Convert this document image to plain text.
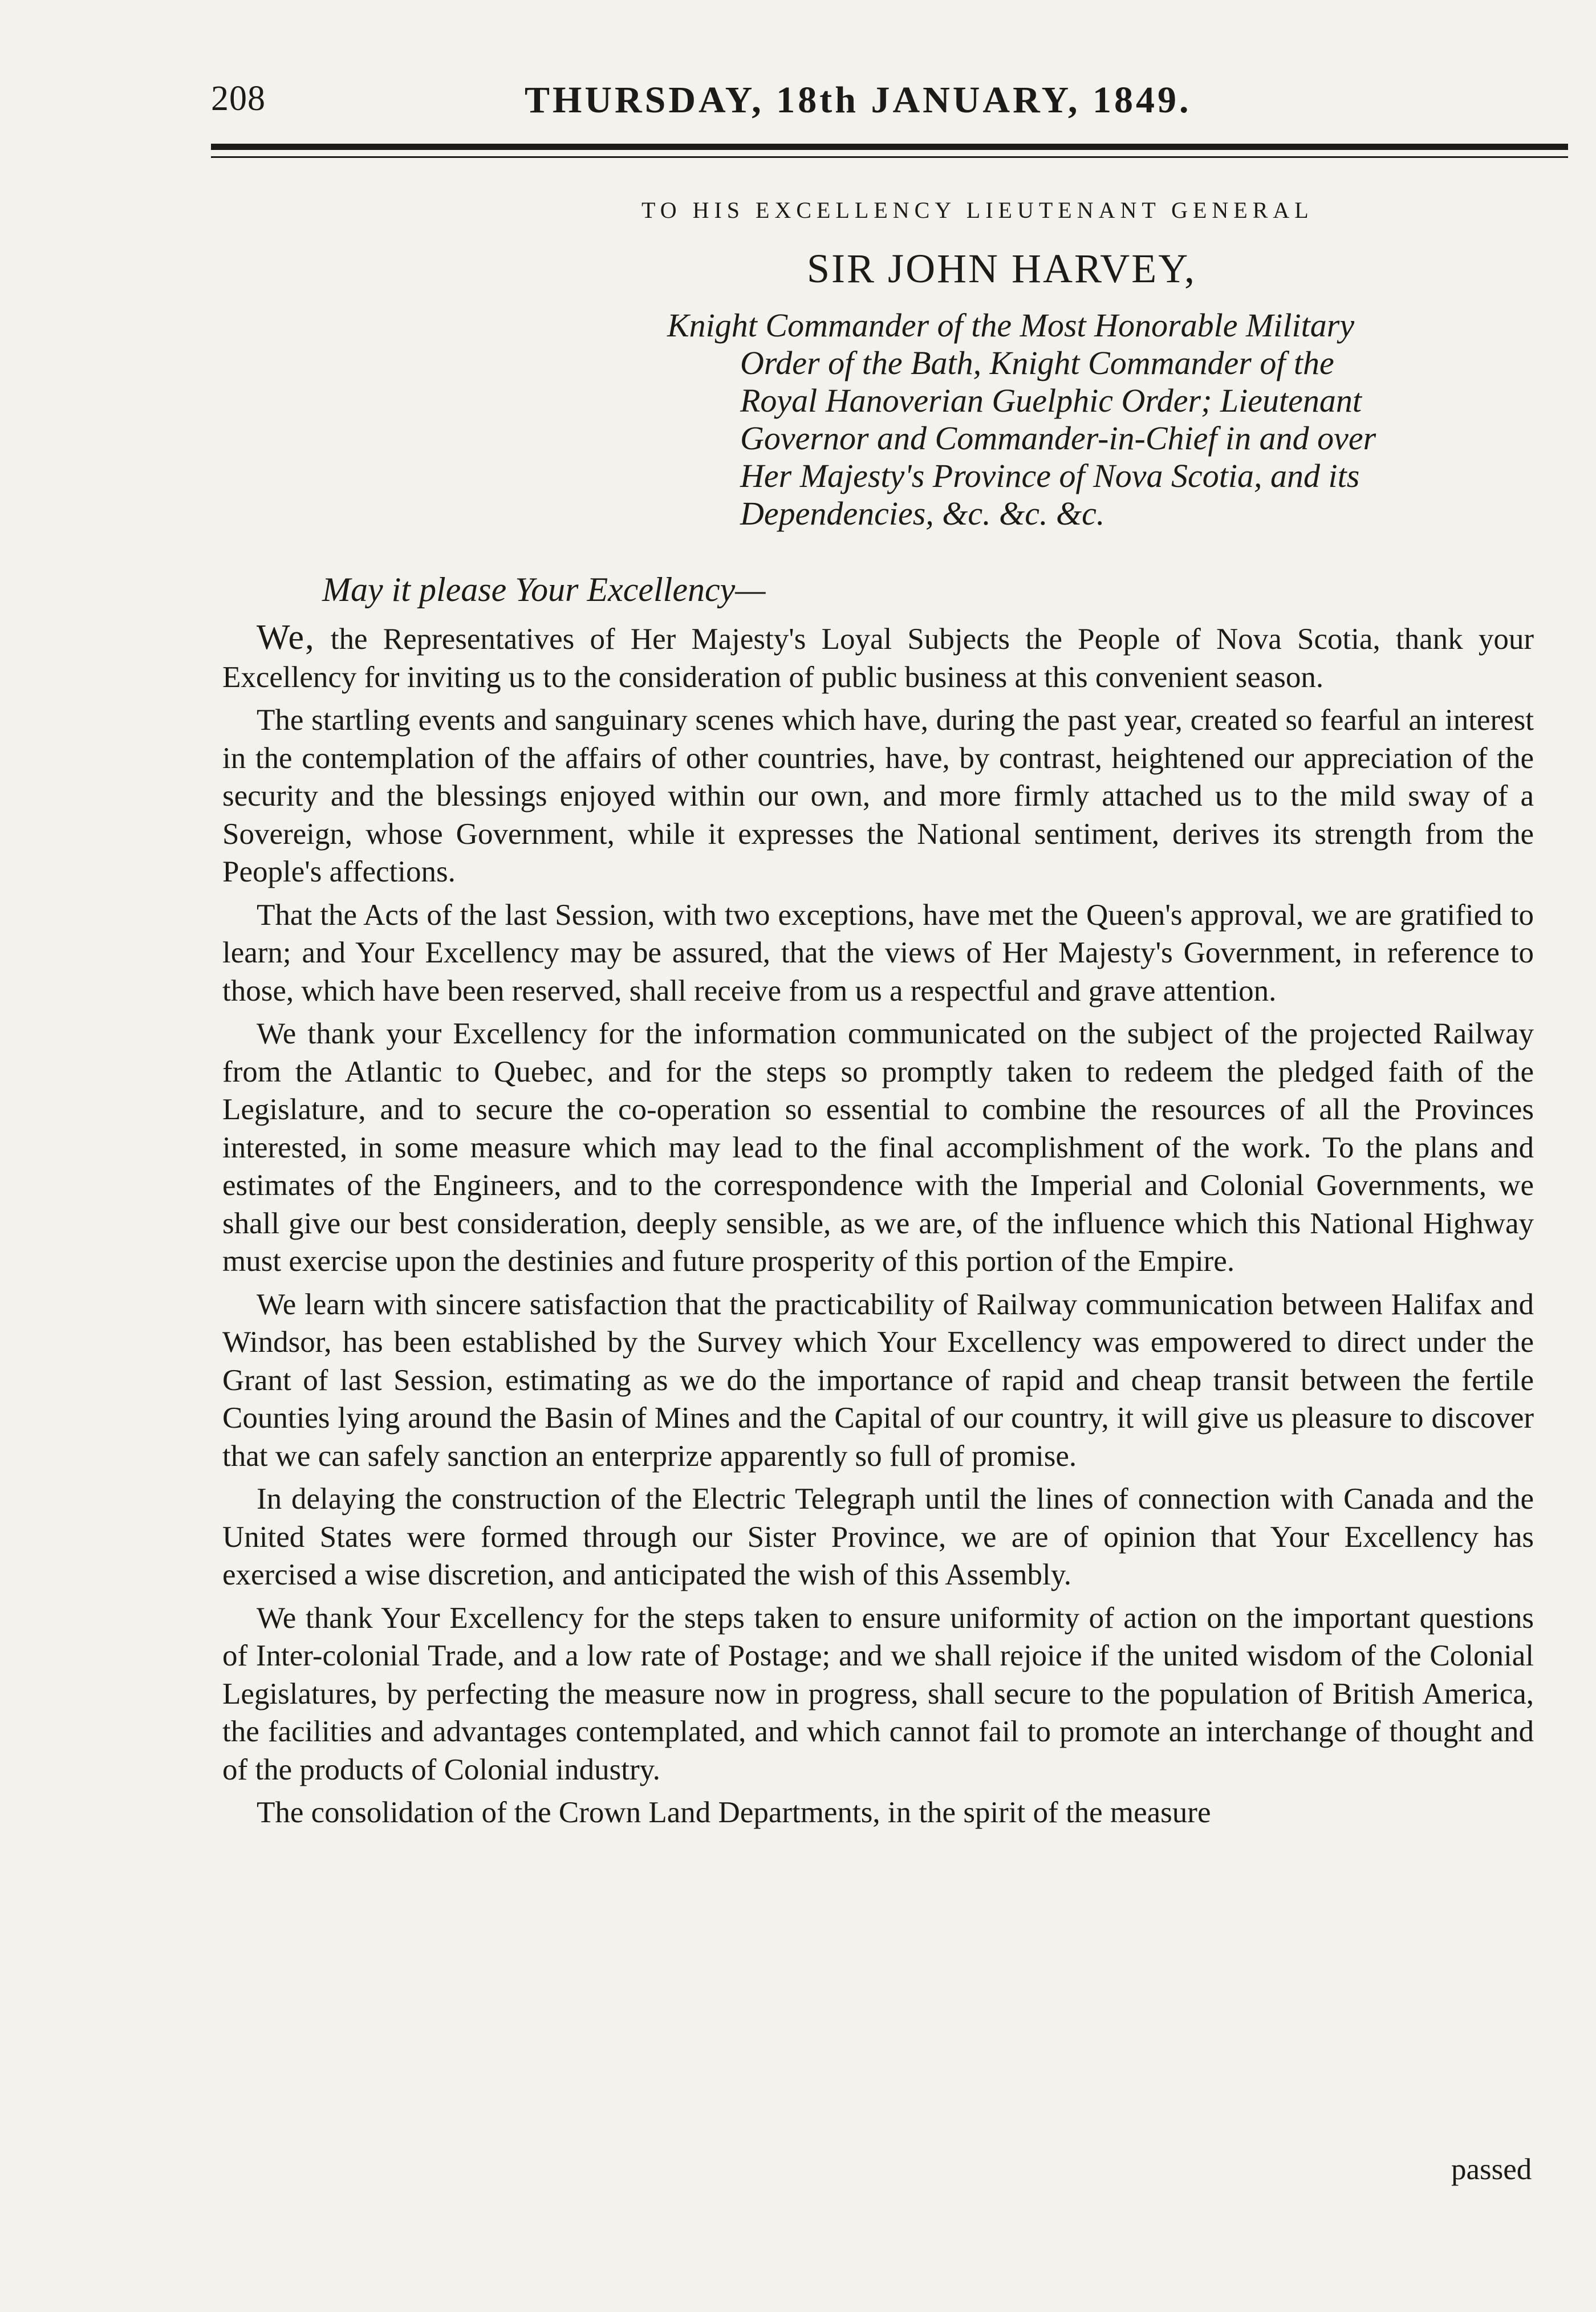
208	THURSDAY, 18th JANUARY, 1849.
TO HIS EXCELLENCY LIEUTENANT GENERAL
SIR JOHN HARVEY,
Knight Commander of the Most Honorable Military
Order of the Bath, Knight Commander of the
Royal Hanoverian Guelphic Order; Lieutenant
Governor and Commander-in-Chief in and over
Her Majesty's Province of Nova Scotia, and its
Dependencies, &c. &c. &c.
May it please Your Excellency—

We, the Representatives of Her Majesty's Loyal Subjects the People of Nova Scotia, thank your Excellency for inviting us to the consideration of public business at this convenient season.

The startling events and sanguinary scenes which have, during the past year, created so fearful an interest in the contemplation of the affairs of other countries, have, by contrast, heightened our appreciation of the security and the blessings enjoyed within our own, and more firmly attached us to the mild sway of a Sovereign, whose Government, while it expresses the National sentiment, derives its strength from the People's affections.

That the Acts of the last Session, with two exceptions, have met the Queen's approval, we are gratified to learn; and Your Excellency may be assured, that the views of Her Majesty's Government, in reference to those, which have been reserved, shall receive from us a respectful and grave attention.

We thank your Excellency for the information communicated on the subject of the projected Railway from the Atlantic to Quebec, and for the steps so promptly taken to redeem the pledged faith of the Legislature, and to secure the co-operation so essential to combine the resources of all the Provinces interested, in some measure which may lead to the final accomplishment of the work. To the plans and estimates of the Engineers, and to the correspondence with the Imperial and Colonial Governments, we shall give our best consideration, deeply sensible, as we are, of the influence which this National Highway must exercise upon the destinies and future prosperity of this portion of the Empire.

We learn with sincere satisfaction that the practicability of Railway communication between Halifax and Windsor, has been established by the Survey which Your Excellency was empowered to direct under the Grant of last Session, estimating as we do the importance of rapid and cheap transit between the fertile Counties lying around the Basin of Mines and the Capital of our country, it will give us pleasure to discover that we can safely sanction an enterprize apparently so full of promise.

In delaying the construction of the Electric Telegraph until the lines of connection with Canada and the United States were formed through our Sister Province, we are of opinion that Your Excellency has exercised a wise discretion, and anticipated the wish of this Assembly.

We thank Your Excellency for the steps taken to ensure uniformity of action on the important questions of Inter-colonial Trade, and a low rate of Postage; and we shall rejoice if the united wisdom of the Colonial Legislatures, by perfecting the measure now in progress, shall secure to the population of British America, the facilities and advantages contemplated, and which cannot fail to promote an interchange of thought and of the products of Colonial industry.

The consolidation of the Crown Land Departments, in the spirit of the measure

passed
